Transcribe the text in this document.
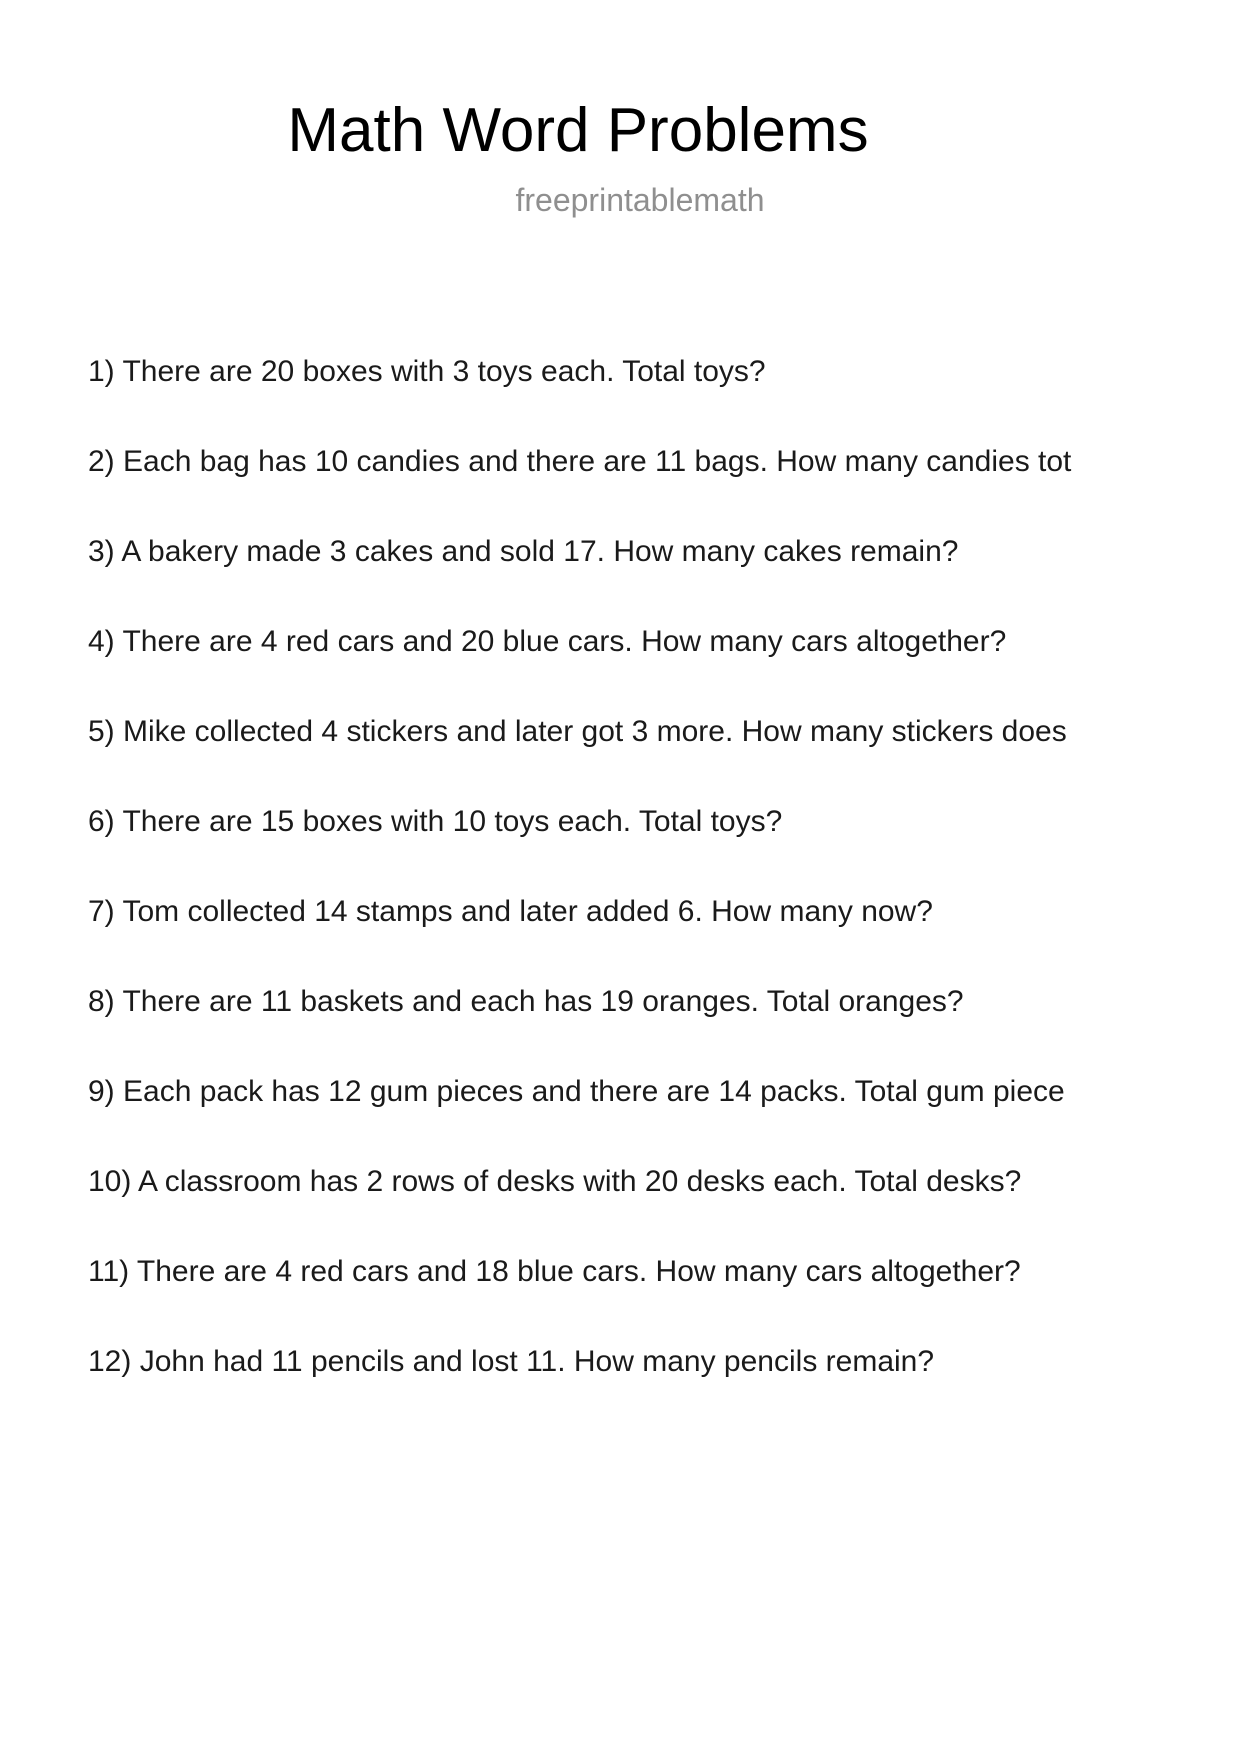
Math Word Problems
freeprintablemath
1) There are 20 boxes with 3 toys each. Total toys?
2) Each bag has 10 candies and there are 11 bags. How many candies tot
3) A bakery made 3 cakes and sold 17. How many cakes remain?
4) There are 4 red cars and 20 blue cars. How many cars altogether?
5) Mike collected 4 stickers and later got 3 more. How many stickers does
6) There are 15 boxes with 10 toys each. Total toys?
7) Tom collected 14 stamps and later added 6. How many now?
8) There are 11 baskets and each has 19 oranges. Total oranges?
9) Each pack has 12 gum pieces and there are 14 packs. Total gum piece
10) A classroom has 2 rows of desks with 20 desks each. Total desks?
11) There are 4 red cars and 18 blue cars. How many cars altogether?
12) John had 11 pencils and lost 11. How many pencils remain?
